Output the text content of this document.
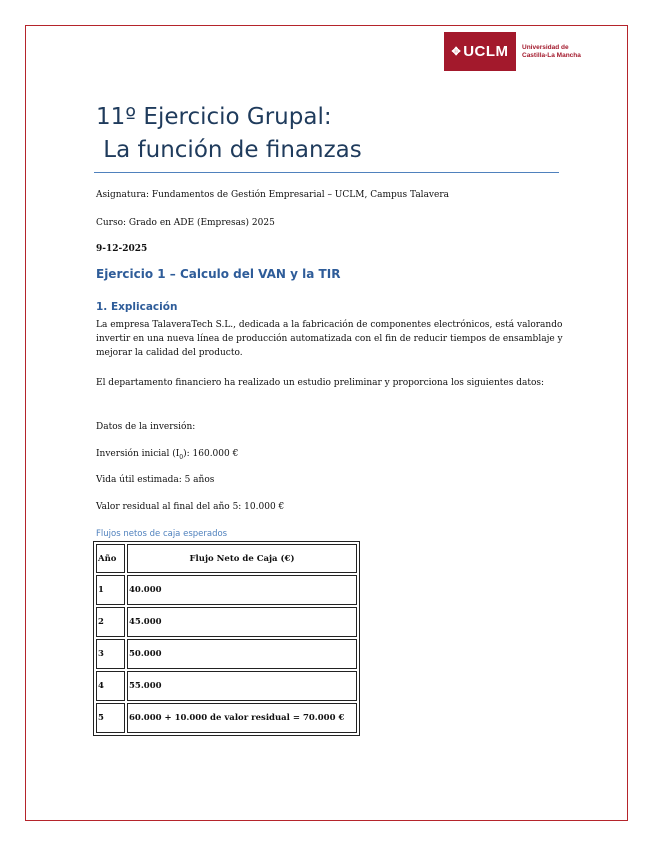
✥ UCLM Universidad de
Castilla-La Mancha
11º Ejercicio Grupal:
La función de finanzas
Asignatura: Fundamentos de Gestión Empresarial – UCLM, Campus Talavera
Curso: Grado en ADE (Empresas) 2025
9-12-2025
Ejercicio 1 – Calculo del VAN y la TIR
1. Explicación
La empresa TalaveraTech S.L., dedicada a la fabricación de componentes electrónicos, está valorando invertir en una nueva línea de producción automatizada con el fin de reducir tiempos de ensamblaje y mejorar la calidad del producto.
El departamento financiero ha realizado un estudio preliminar y proporciona los siguientes datos:
Datos de la inversión:
Inversión inicial $(I_0)$: 160.000 €
Vida útil estimada: 5 años
Valor residual al final del año 5: 10.000 €
Flujos netos de caja esperados
Año	Flujo Neto de Caja (€)
1	40.000
2	45.000
3	50.000
4	55.000
5	60.000 + 10.000 de valor residual = 70.000 €
